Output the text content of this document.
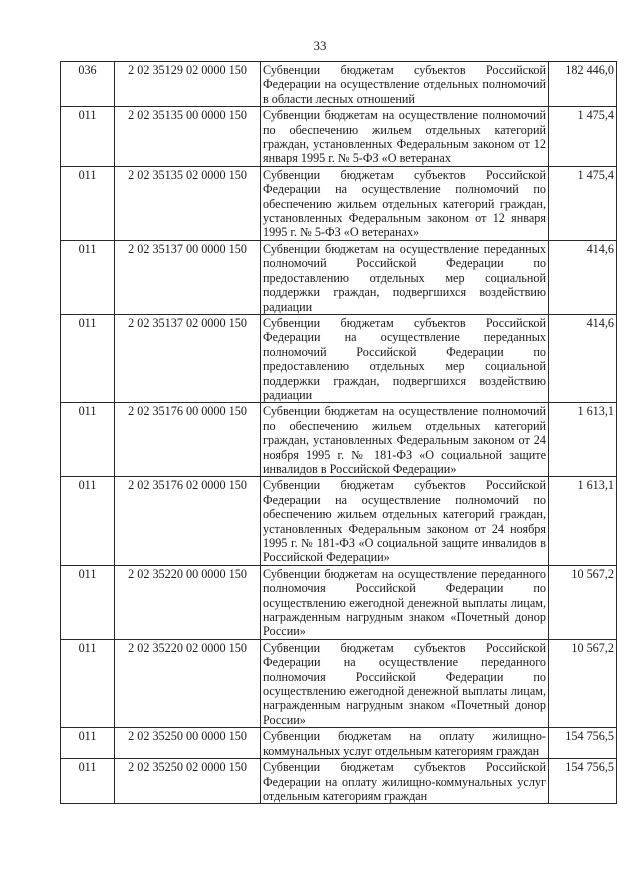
33
036	2 02 35129 02 0000 150	Субвенции бюджетам субъектов Российской Федерации на осуществление отдельных полномочий в области лесных отношений	182 446,0
011	2 02 35135 00 0000 150	Субвенции бюджетам на осуществление полномочий по обеспечению жильем отдельных категорий граждан, установленных Федеральным законом от 12 января 1995 г. № 5-ФЗ «О ветеранах	1 475,4
011	2 02 35135 02 0000 150	Субвенции бюджетам субъектов Российской Федерации на осуществление полномочий по обеспечению жильем отдельных категорий граждан, установленных Федеральным законом от 12 января 1995 г. № 5-ФЗ «О ветеранах»	1 475,4
011	2 02 35137 00 0000 150	Субвенции бюджетам на осуществление переданных полномочий Российской Федерации по предоставлению отдельных мер социальной поддержки граждан, подвергшихся воздействию радиации	414,6
011	2 02 35137 02 0000 150	Субвенции бюджетам субъектов Российской Федерации на осуществление переданных полномочий Российской Федерации по предоставлению отдельных мер социальной поддержки граждан, подвергшихся воздействию радиации	414,6
011	2 02 35176 00 0000 150	Субвенции бюджетам на осуществление полномочий по обеспечению жильем отдельных категорий граждан, установленных Федеральным законом от 24 ноября 1995 г. № 181-ФЗ «О социальной защите инвалидов в Российской Федерации»	1 613,1
011	2 02 35176 02 0000 150	Субвенции бюджетам субъектов Российской Федерации на осуществление полномочий по обеспечению жильем отдельных категорий граждан, установленных Федеральным законом от 24 ноября 1995 г. № 181-ФЗ «О социальной защите инвалидов в Российской Федерации»	1 613,1
011	2 02 35220 00 0000 150	Субвенции бюджетам на осуществление переданного полномочия Российской Федерации по осуществлению ежегодной денежной выплаты лицам, награжденным нагрудным знаком «Почетный донор России»	10 567,2
011	2 02 35220 02 0000 150	Субвенции бюджетам субъектов Российской Федерации на осуществление переданного полномочия Российской Федерации по осуществлению ежегодной денежной выплаты лицам, награжденным нагрудным знаком «Почетный донор России»	10 567,2
011	2 02 35250 00 0000 150	Субвенции бюджетам на оплату жилищно-коммунальных услуг отдельным категориям граждан	154 756,5
011	2 02 35250 02 0000 150	Субвенции бюджетам субъектов Российской Федерации на оплату жилищно-коммунальных услуг отдельным категориям граждан	154 756,5
